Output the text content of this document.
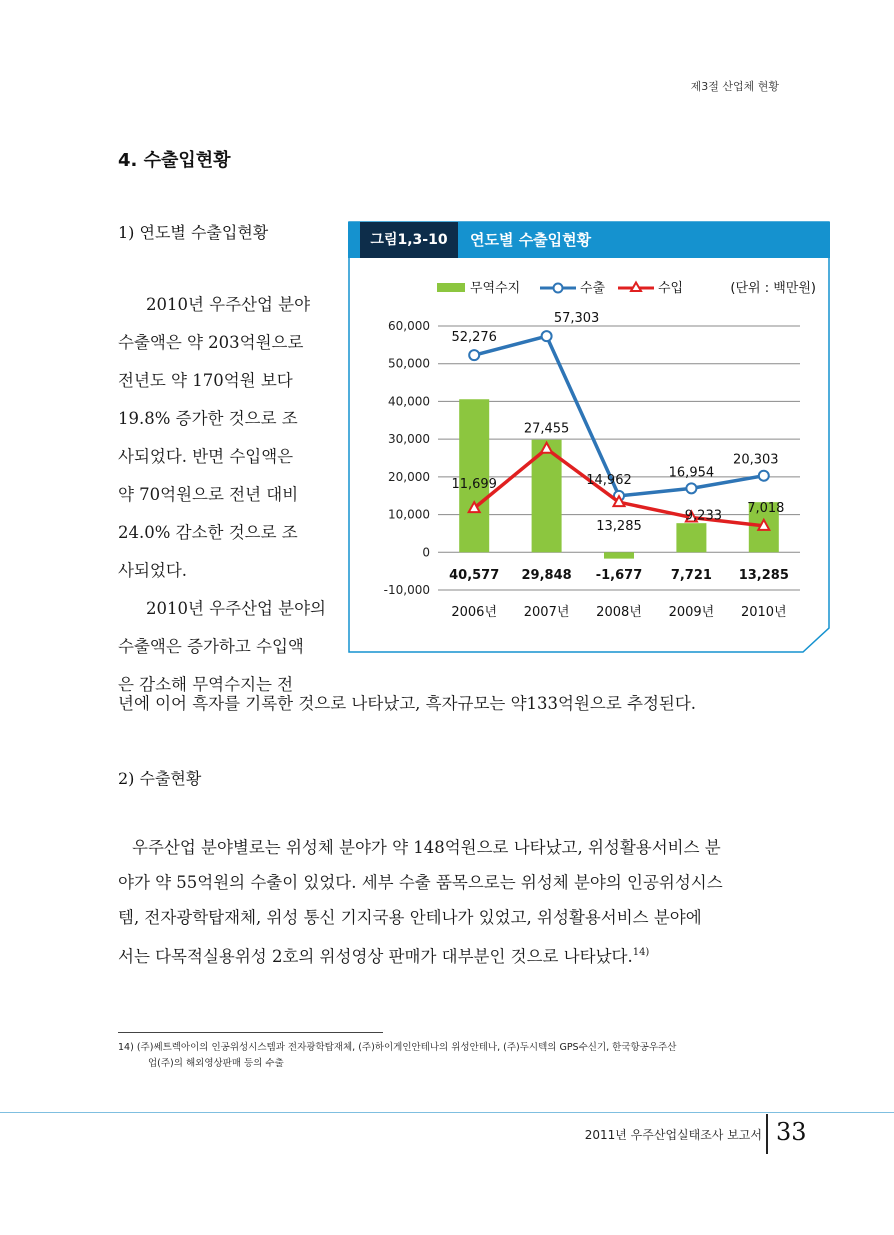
제3절 산업체 현황
4. 수출입현황
1) 연도별 수출입현황

2010년 우주산업 분야

수출액은 약 203억원으로
전년도 약 170억원 보다
19.8% 증가한 것으로 조
사되었다. 반면 수입액은
약 70억원으로 전년 대비
24.0% 감소한 것으로 조
사되었다.

2010년 우주산업 분야의

수출액은 증가하고 수입액
은 감소해 무역수지는 전
년에 이어 흑자를 기록한 것으로 나타났고, 흑자규모는 약133억원으로 추정된다.
2) 수출현황
우주산업 분야별로는 위성체 분야가 약 148억원으로 나타났고, 위성활용서비스 분
야가 약 55억원의 수출이 있었다. 세부 수출 품목으로는 위성체 분야의 인공위성시스
템, 전자광학탑재체, 위성 통신 기지국용 안테나가 있었고, 위성활용서비스 분야에
서는 다목적실용위성 2호의 위성영상 판매가 대부분인 것으로 나타났다.$^{14)}$
14) (주)쎄트렉아이의 인공위성시스템과 전자광학탑재체, (주)하이게인안테나의 위성안테나, (주)두시텍의 GPS수신기, 한국항공우주산
업(주)의 해외영상판매 등의 수출
2011년 우주산업실태조사 보고서 33
그림1,3-10	연도별 수출입현황
60,000
50,000
40,000
30,000
20,000
10,000
0
-10,000
무역수지	수출	수입	(단위 : 백만원)
52,276
57,303
14,962
16,954
20,303
11,699
27,455
13,285
9,233
7,018
40,577 29,848 -1,677 7,721 13,285
2006년 2007년 2008년 2009년 2010년
